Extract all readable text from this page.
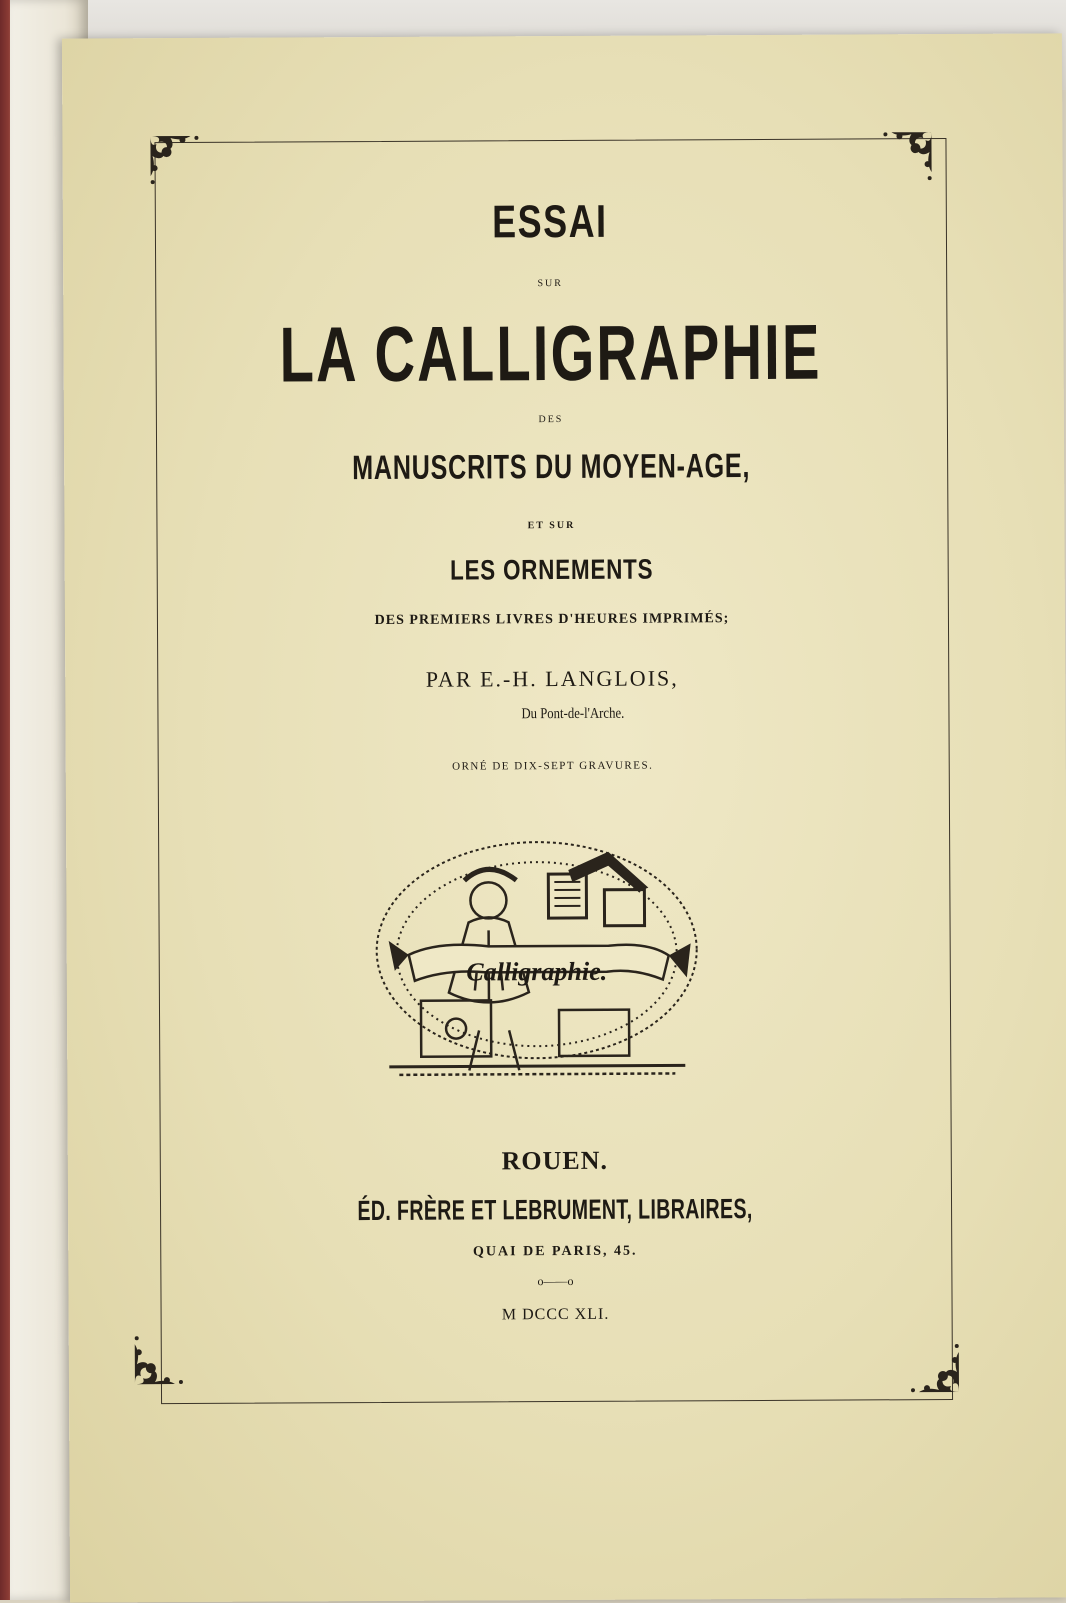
ESSAI

SUR

LA CALLIGRAPHIE

DES

MANUSCRITS DU MOYEN-AGE,

ET SUR

LES ORNEMENTS

DES PREMIERS LIVRES D'HEURES IMPRIMÉS;

PAR E.-H. LANGLOIS,

Du Pont-de-l'Arche.

ORNÉ DE DIX-SEPT GRAVURES.

Calligraphie.

ROUEN.

ÉD. FRÈRE ET LEBRUMENT, LIBRAIRES,

QUAI DE PARIS, 45.

o——o

M DCCC XLI.
